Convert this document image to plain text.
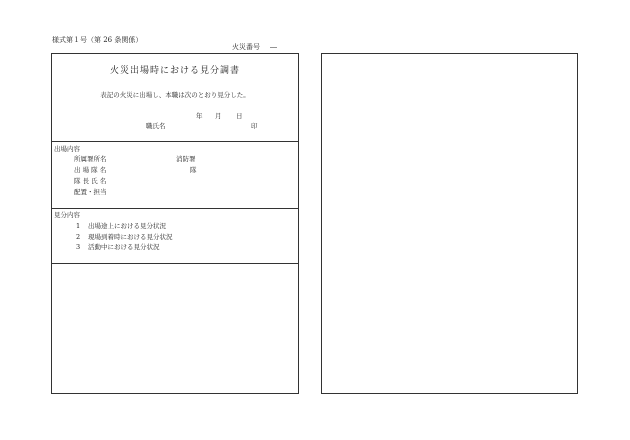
様式第１号（第 26 条関係）
火災番号 ―
火災出場時における見分調書
表記の火災に出場し、本職は次のとおり見分した。
年 月 日
職氏名	印
出場内容
所属署所名	消防署
出 場 隊 名	隊
隊 長 氏 名
配置・担当
見分内容
1 出場途上における見分状況
2 現場到着時における見分状況
3 活動中における見分状況
